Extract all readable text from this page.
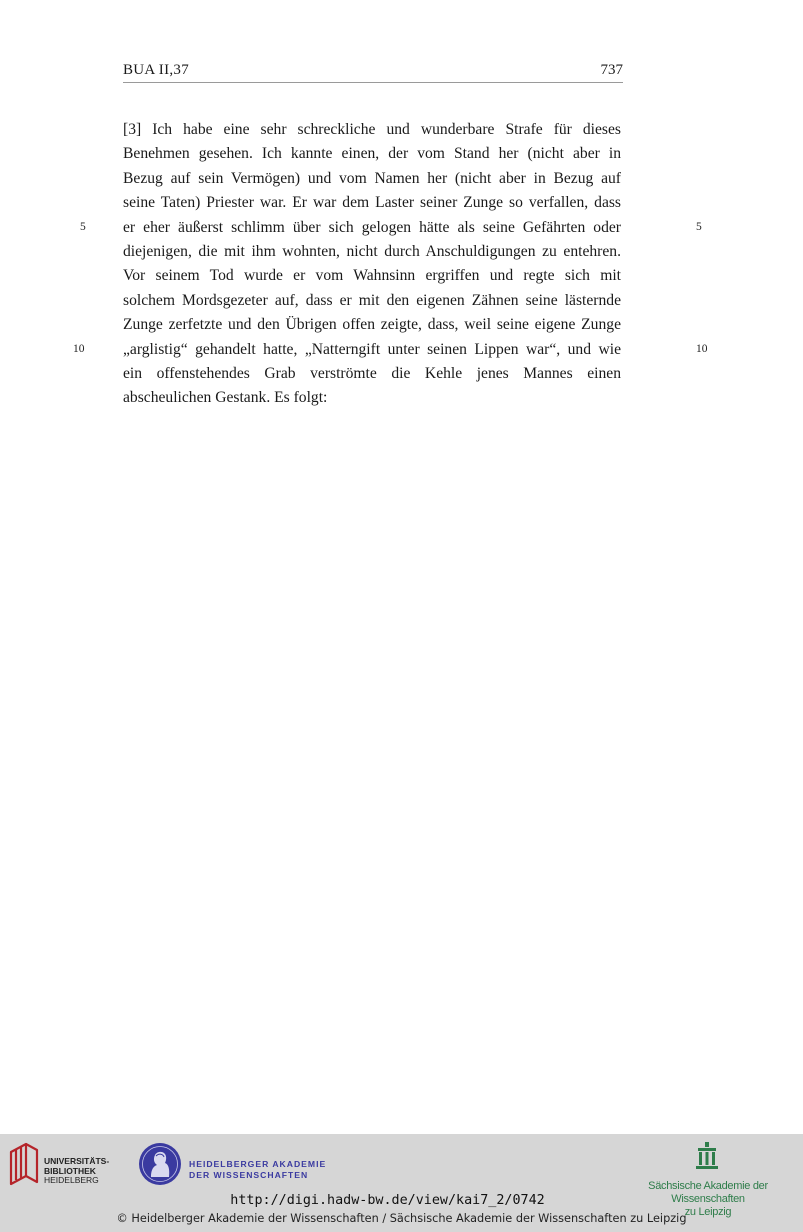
BUA II,37	737
[3] Ich habe eine sehr schreckliche und wunderbare Strafe für dieses
Benehmen gesehen. Ich kannte einen, der vom Stand her (nicht aber in
Bezug auf sein Vermögen) und vom Namen her (nicht aber in Bezug auf
seine Taten) Priester war. Er war dem Laster seiner Zunge so verfallen, dass
er eher äußerst schlimm über sich gelogen hätte als seine Gefährten oder
diejenigen, die mit ihm wohnten, nicht durch Anschuldigungen zu entehren.
Vor seinem Tod wurde er vom Wahnsinn ergriffen und regte sich mit
solchem Mordsgezeter auf, dass er mit den eigenen Zähnen seine lästernde
Zunge zerfetzte und den Übrigen offen zeigte, dass, weil seine eigene Zunge
„arglistig“ gehandelt hatte, „Natterngift unter seinen Lippen war“, und wie
ein offenstehendes Grab verströmte die Kehle jenes Mannes einen
abscheulichen Gestank. Es folgt:
5	5
10	10
UNIVERSITÄTS-
BIBLIOTHEK
HEIDELBERG
HEIDELBERGER AKADEMIE
DER WISSENSCHAFTEN
Sächsische Akademie der Wissenschaften
zu Leipzig
http://digi.hadw-bw.de/view/kai7_2/0742
© Heidelberger Akademie der Wissenschaften / Sächsische Akademie der Wissenschaften zu Leipzig
